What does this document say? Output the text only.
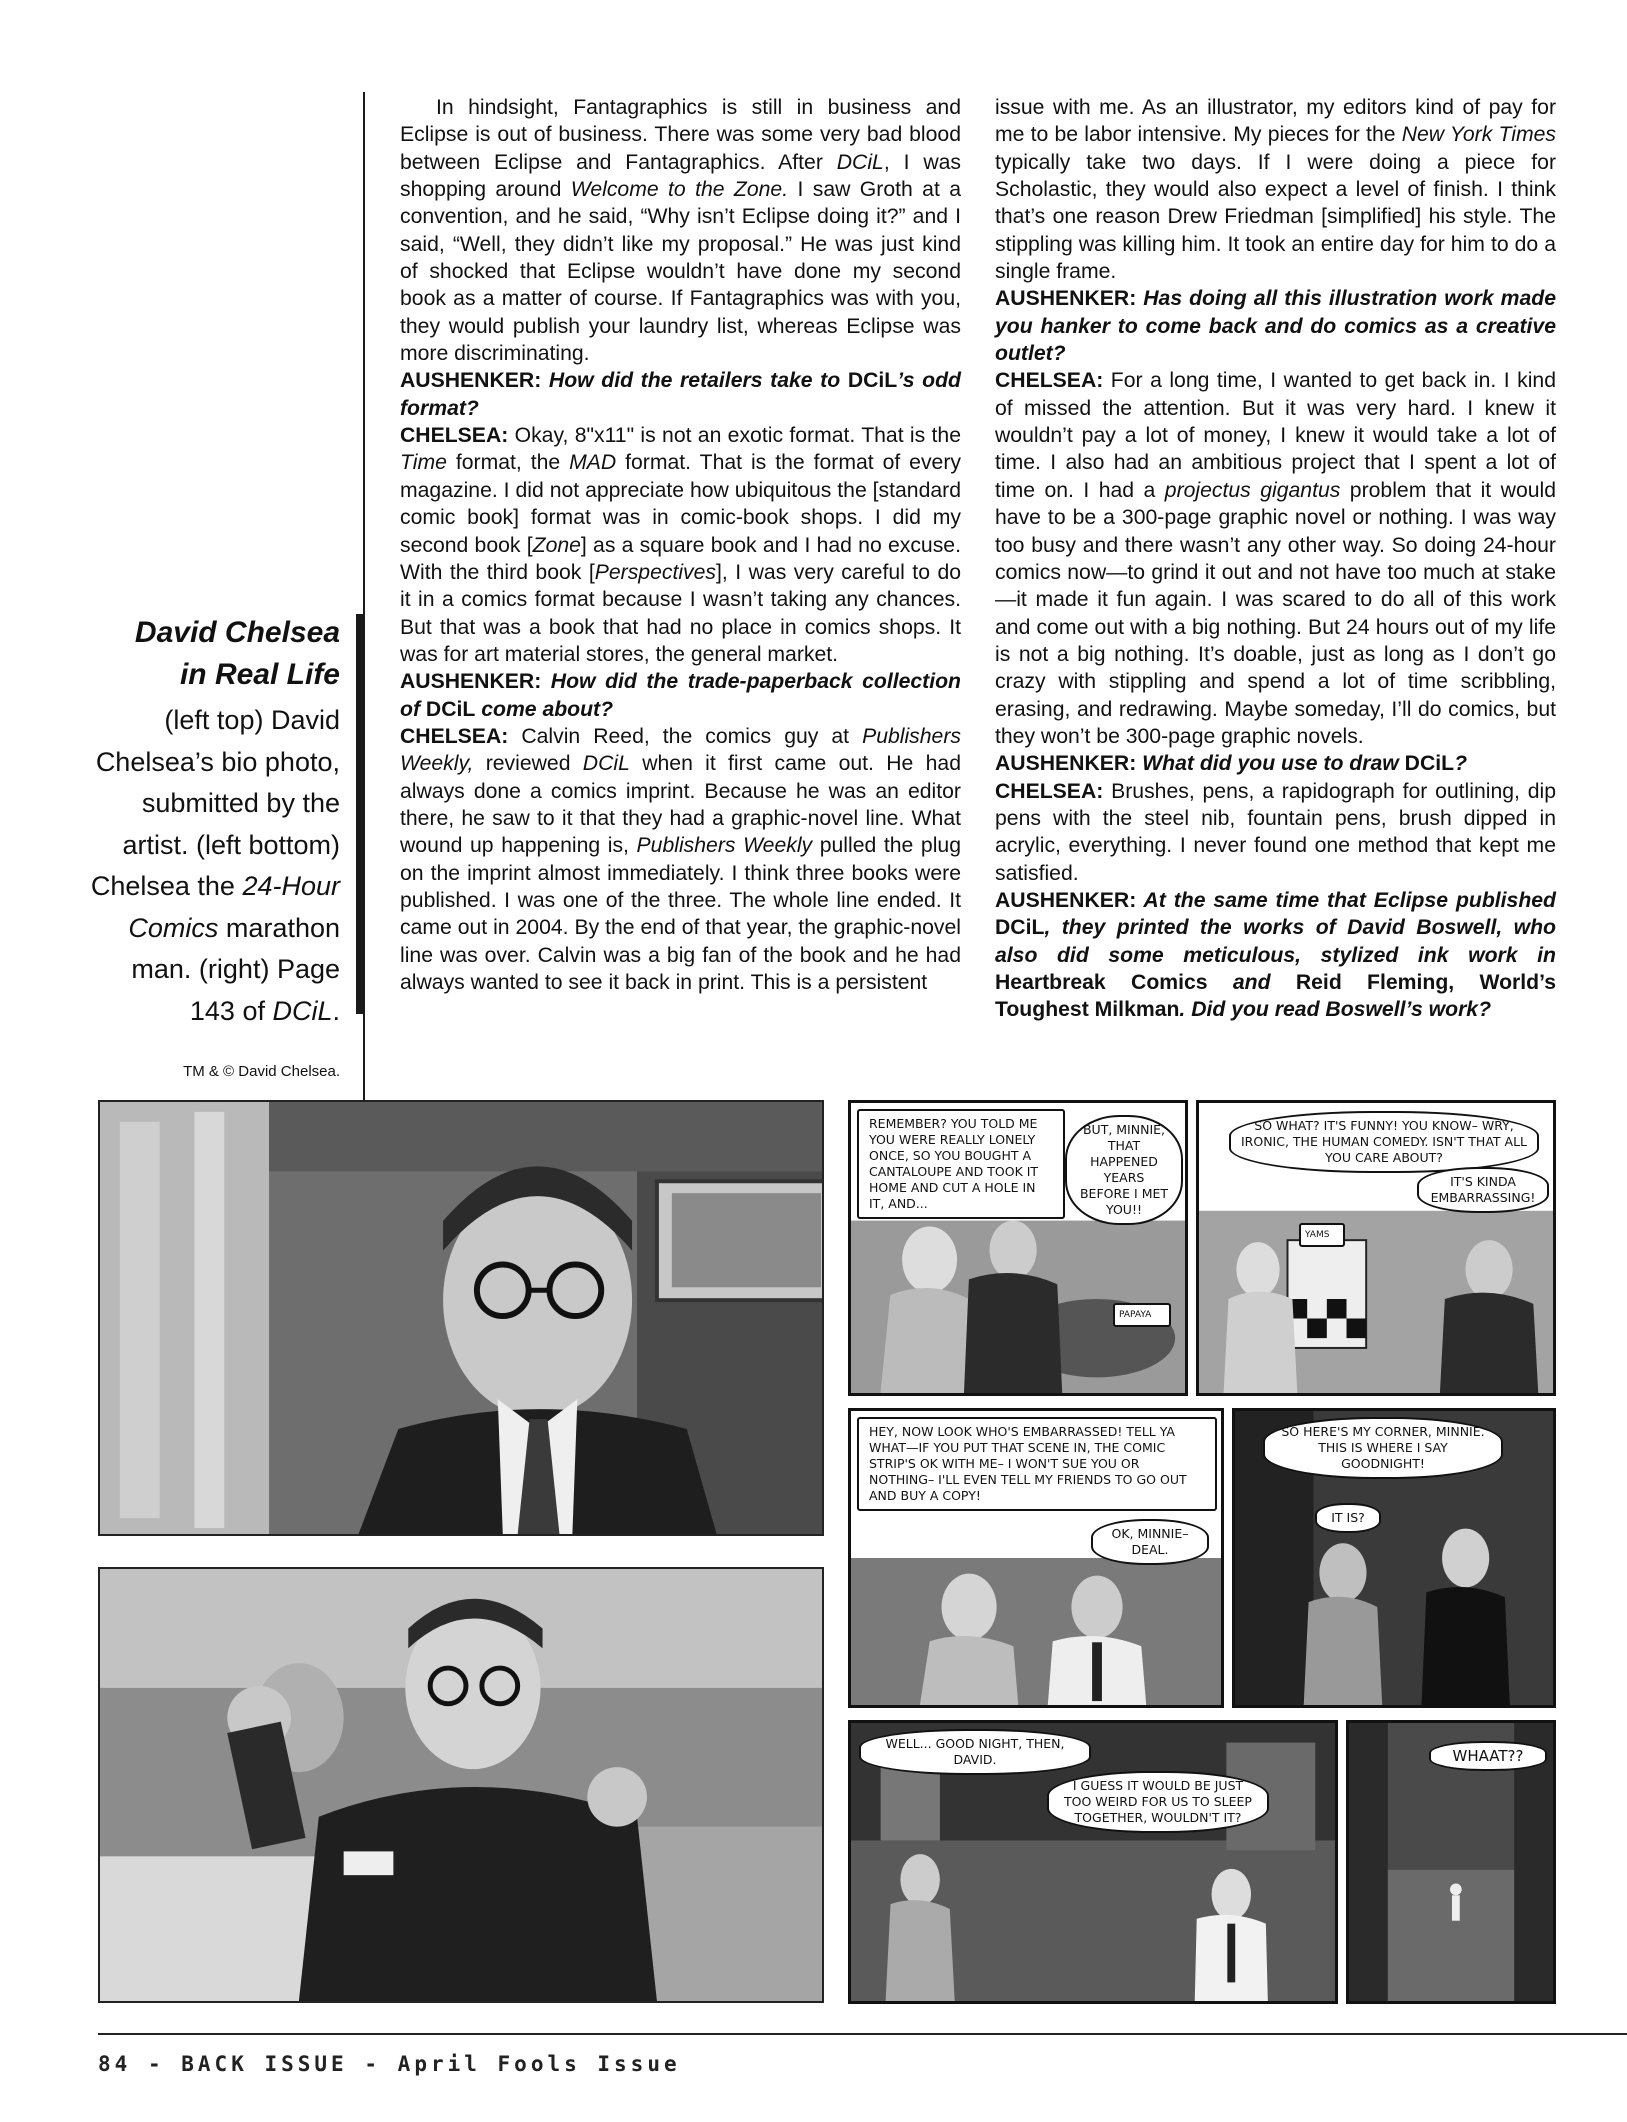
David Chelsea
in Real Life
(left top) David Chelsea’s bio photo, submitted by the artist. (left bottom) Chelsea the 24-Hour Comics marathon man. (right) Page 143 of DCiL.
TM & © David Chelsea.

In hindsight, Fantagraphics is still in business and Eclipse is out of business. There was some very bad blood between Eclipse and Fantagraphics. After DCiL, I was shopping around Welcome to the Zone. I saw Groth at a convention, and he said, “Why isn’t Eclipse doing it?” and I said, “Well, they didn’t like my proposal.” He was just kind of shocked that Eclipse wouldn’t have done my second book as a matter of course. If Fantagraphics was with you, they would publish your laundry list, whereas Eclipse was more discriminating.

AUSHENKER: How did the retailers take to DCiL’s odd format?

CHELSEA: Okay, 8"x11" is not an exotic format. That is the Time format, the MAD format. That is the format of every magazine. I did not appreciate how ubiquitous the [standard comic book] format was in comic-book shops. I did my second book [Zone] as a square book and I had no excuse. With the third book [Perspectives], I was very careful to do it in a comics format because I wasn’t taking any chances. But that was a book that had no place in comics shops. It was for art material stores, the general market.

AUSHENKER: How did the trade-paperback collection of DCiL come about?

CHELSEA: Calvin Reed, the comics guy at Publishers Weekly, reviewed DCiL when it first came out. He had always done a comics imprint. Because he was an editor there, he saw to it that they had a graphic-novel line. What wound up happening is, Publishers Weekly pulled the plug on the imprint almost immediately. I think three books were published. I was one of the three. The whole line ended. It came out in 2004. By the end of that year, the graphic-novel line was over. Calvin was a big fan of the book and he had always wanted to see it back in print. This is a persistent

issue with me. As an illustrator, my editors kind of pay for me to be labor intensive. My pieces for the New York Times typically take two days. If I were doing a piece for Scholastic, they would also expect a level of finish. I think that’s one reason Drew Friedman [simplified] his style. The stippling was killing him. It took an entire day for him to do a single frame.

AUSHENKER: Has doing all this illustration work made you hanker to come back and do comics as a creative outlet?

CHELSEA: For a long time, I wanted to get back in. I kind of missed the attention. But it was very hard. I knew it wouldn’t pay a lot of money, I knew it would take a lot of time. I also had an ambitious project that I spent a lot of time on. I had a projectus gigantus problem that it would have to be a 300-page graphic novel or nothing. I was way too busy and there wasn’t any other way. So doing 24-hour comics now—to grind it out and not have too much at stake—it made it fun again. I was scared to do all of this work and come out with a big nothing. But 24 hours out of my life is not a big nothing. It’s doable, just as long as I don’t go crazy with stippling and spend a lot of time scribbling, erasing, and redrawing. Maybe someday, I’ll do comics, but they won’t be 300-page graphic novels.

AUSHENKER: What did you use to draw DCiL?

CHELSEA: Brushes, pens, a rapidograph for outlining, dip pens with the steel nib, fountain pens, brush dipped in acrylic, everything. I never found one method that kept me satisfied.

AUSHENKER: At the same time that Eclipse published DCiL, they printed the works of David Boswell, who also did some meticulous, stylized ink work in Heartbreak Comics and Reid Fleming, World’s Toughest Milkman. Did you read Boswell’s work?

REMEMBER? YOU TOLD ME YOU WERE REALLY LONELY ONCE, SO YOU BOUGHT A CANTALOUPE AND TOOK IT HOME AND CUT A HOLE IN IT, AND...
BUT, MINNIE, THAT HAPPENED YEARS BEFORE I MET YOU!!
PAPAYA
SO WHAT? IT'S FUNNY! YOU KNOW– WRY, IRONIC, THE HUMAN COMEDY. ISN'T THAT ALL YOU CARE ABOUT?
IT'S KINDA EMBARRASSING!
YAMS
HEY, NOW LOOK WHO'S EMBARRASSED! TELL YA WHAT—IF YOU PUT THAT SCENE IN, THE COMIC STRIP'S OK WITH ME– I WON'T SUE YOU OR NOTHING– I'LL EVEN TELL MY FRIENDS TO GO OUT AND BUY A COPY!
OK, MINNIE– DEAL.
SO HERE'S MY CORNER, MINNIE. THIS IS WHERE I SAY GOODNIGHT!
IT IS?
WELL... GOOD NIGHT, THEN, DAVID.
I GUESS IT WOULD BE JUST TOO WEIRD FOR US TO SLEEP TOGETHER, WOULDN'T IT?
WHAAT??
84 - BACK ISSUE - April Fools Issue
